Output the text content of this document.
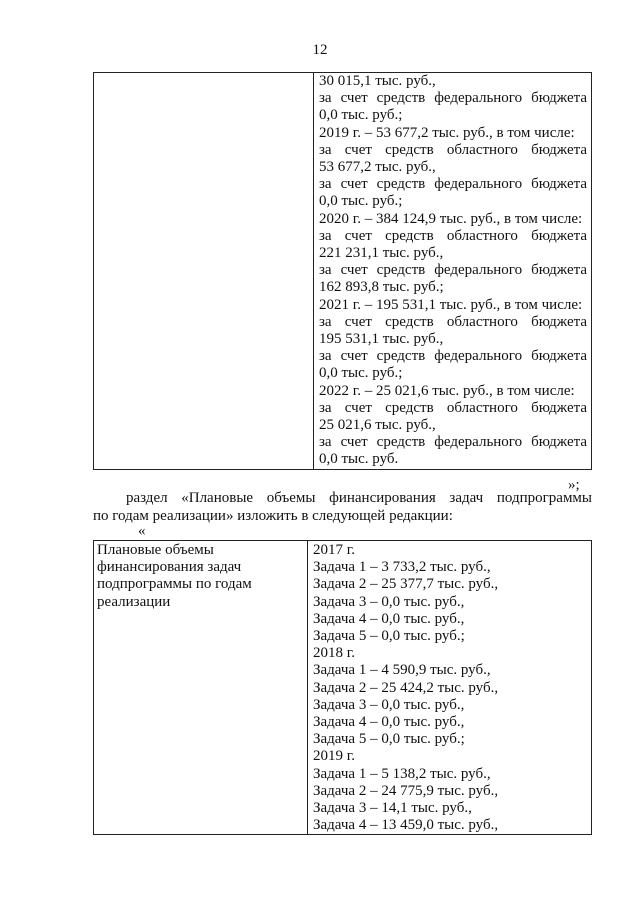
12

30 015,1 тыс. руб.,
за счет средств федерального бюджета
0,0 тыс. руб.;
2019 г. – 53 677,2 тыс. руб., в том числе:
за счет средств областного бюджета
53 677,2 тыс. руб.,
за счет средств федерального бюджета
0,0 тыс. руб.;
2020 г. – 384 124,9 тыс. руб., в том числе:
за счет средств областного бюджета
221 231,1 тыс. руб.,
за счет средств федерального бюджета
162 893,8 тыс. руб.;
2021 г. – 195 531,1 тыс. руб., в том числе:
за счет средств областного бюджета
195 531,1 тыс. руб.,
за счет средств федерального бюджета
0,0 тыс. руб.;
2022 г. – 25 021,6 тыс. руб., в том числе:
за счет средств областного бюджета
25 021,6 тыс. руб.,
за счет средств федерального бюджета
0,0 тыс. руб.
»;
раздел «Плановые объемы финансирования задач подпрограммы
по годам реализации» изложить в следующей редакции:
«
Плановые объемы
финансирования задач
подпрограммы по годам
реализации

2017 г.
Задача 1 – 3 733,2 тыс. руб.,
Задача 2 – 25 377,7 тыс. руб.,
Задача 3 – 0,0 тыс. руб.,
Задача 4 – 0,0 тыс. руб.,
Задача 5 – 0,0 тыс. руб.;
2018 г.
Задача 1 – 4 590,9 тыс. руб.,
Задача 2 – 25 424,2 тыс. руб.,
Задача 3 – 0,0 тыс. руб.,
Задача 4 – 0,0 тыс. руб.,
Задача 5 – 0,0 тыс. руб.;
2019 г.
Задача 1 – 5 138,2 тыс. руб.,
Задача 2 – 24 775,9 тыс. руб.,
Задача 3 – 14,1 тыс. руб.,
Задача 4 – 13 459,0 тыс. руб.,
